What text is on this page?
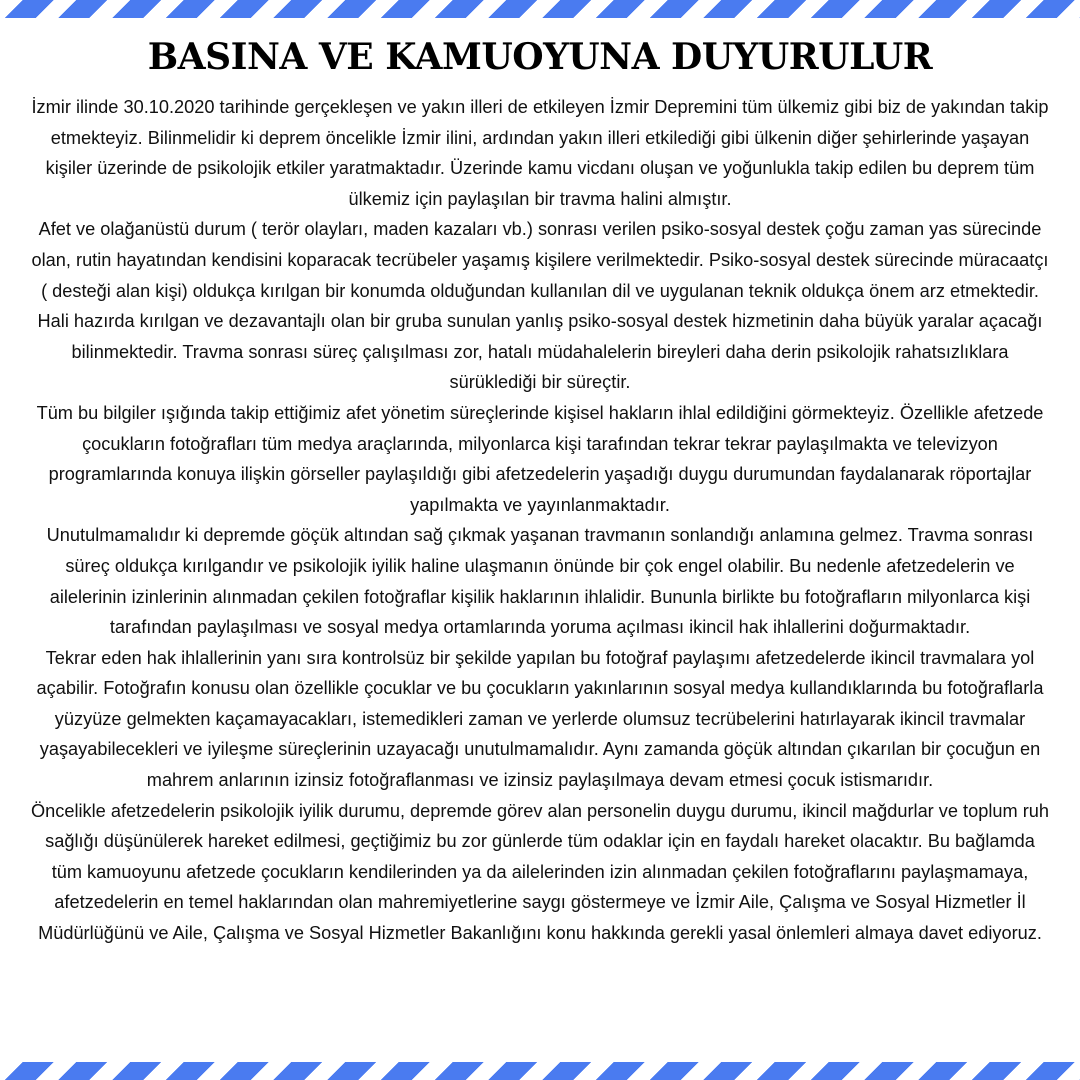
BASINA VE KAMUOYUNA DUYURULUR

İzmir ilinde 30.10.2020 tarihinde gerçekleşen ve yakın illeri de etkileyen İzmir Depremini tüm ülkemiz gibi biz de yakından takip etmekteyiz. Bilinmelidir ki deprem öncelikle İzmir ilini, ardından yakın illeri etkilediği gibi ülkenin diğer şehirlerinde yaşayan kişiler üzerinde de psikolojik etkiler yaratmaktadır. Üzerinde kamu vicdanı oluşan ve yoğunlukla takip edilen bu deprem tüm ülkemiz için paylaşılan bir travma halini almıştır.

Afet ve olağanüstü durum ( terör olayları, maden kazaları vb.) sonrası verilen psiko-sosyal destek çoğu zaman yas sürecinde olan, rutin hayatından kendisini koparacak tecrübeler yaşamış kişilere verilmektedir. Psiko-sosyal destek sürecinde müracaatçı ( desteği alan kişi) oldukça kırılgan bir konumda olduğundan kullanılan dil ve uygulanan teknik oldukça önem arz etmektedir. Hali hazırda kırılgan ve dezavantajlı olan bir gruba sunulan yanlış psiko-sosyal destek hizmetinin daha büyük yaralar açacağı bilinmektedir. Travma sonrası süreç çalışılması zor, hatalı müdahalelerin bireyleri daha derin psikolojik rahatsızlıklara sürüklediği bir süreçtir.

Tüm bu bilgiler ışığında takip ettiğimiz afet yönetim süreçlerinde kişisel hakların ihlal edildiğini görmekteyiz. Özellikle afetzede çocukların fotoğrafları tüm medya araçlarında, milyonlarca kişi tarafından tekrar tekrar paylaşılmakta ve televizyon programlarında konuya ilişkin görseller paylaşıldığı gibi afetzedelerin yaşadığı duygu durumundan faydalanarak röportajlar yapılmakta ve yayınlanmaktadır.

Unutulmamalıdır ki depremde göçük altından sağ çıkmak yaşanan travmanın sonlandığı anlamına gelmez. Travma sonrası süreç oldukça kırılgandır ve psikolojik iyilik haline ulaşmanın önünde bir çok engel olabilir. Bu nedenle afetzedelerin ve ailelerinin izinlerinin alınmadan çekilen fotoğraflar kişilik haklarının ihlalidir. Bununla birlikte bu fotoğrafların milyonlarca kişi tarafından paylaşılması ve sosyal medya ortamlarında yoruma açılması ikincil hak ihlallerini doğurmaktadır.

Tekrar eden hak ihlallerinin yanı sıra kontrolsüz bir şekilde yapılan bu fotoğraf paylaşımı afetzedelerde ikincil travmalara yol açabilir. Fotoğrafın konusu olan özellikle çocuklar ve bu çocukların yakınlarının sosyal medya kullandıklarında bu fotoğraflarla yüzyüze gelmekten kaçamayacakları, istemedikleri zaman ve yerlerde olumsuz tecrübelerini hatırlayarak ikincil travmalar yaşayabilecekleri ve iyileşme süreçlerinin uzayacağı unutulmamalıdır. Aynı zamanda göçük altından çıkarılan bir çocuğun en mahrem anlarının izinsiz fotoğraflanması ve izinsiz paylaşılmaya devam etmesi çocuk istismarıdır.

Öncelikle afetzedelerin psikolojik iyilik durumu, depremde görev alan personelin duygu durumu, ikincil mağdurlar ve toplum ruh sağlığı düşünülerek hareket edilmesi, geçtiğimiz bu zor günlerde tüm odaklar için en faydalı hareket olacaktır. Bu bağlamda tüm kamuoyunu afetzede çocukların kendilerinden ya da ailelerinden izin alınmadan çekilen fotoğraflarını paylaşmamaya, afetzedelerin en temel haklarından olan mahremiyetlerine saygı göstermeye ve İzmir Aile, Çalışma ve Sosyal Hizmetler İl Müdürlüğünü ve Aile, Çalışma ve Sosyal Hizmetler Bakanlığını konu hakkında gerekli yasal önlemleri almaya davet ediyoruz.
